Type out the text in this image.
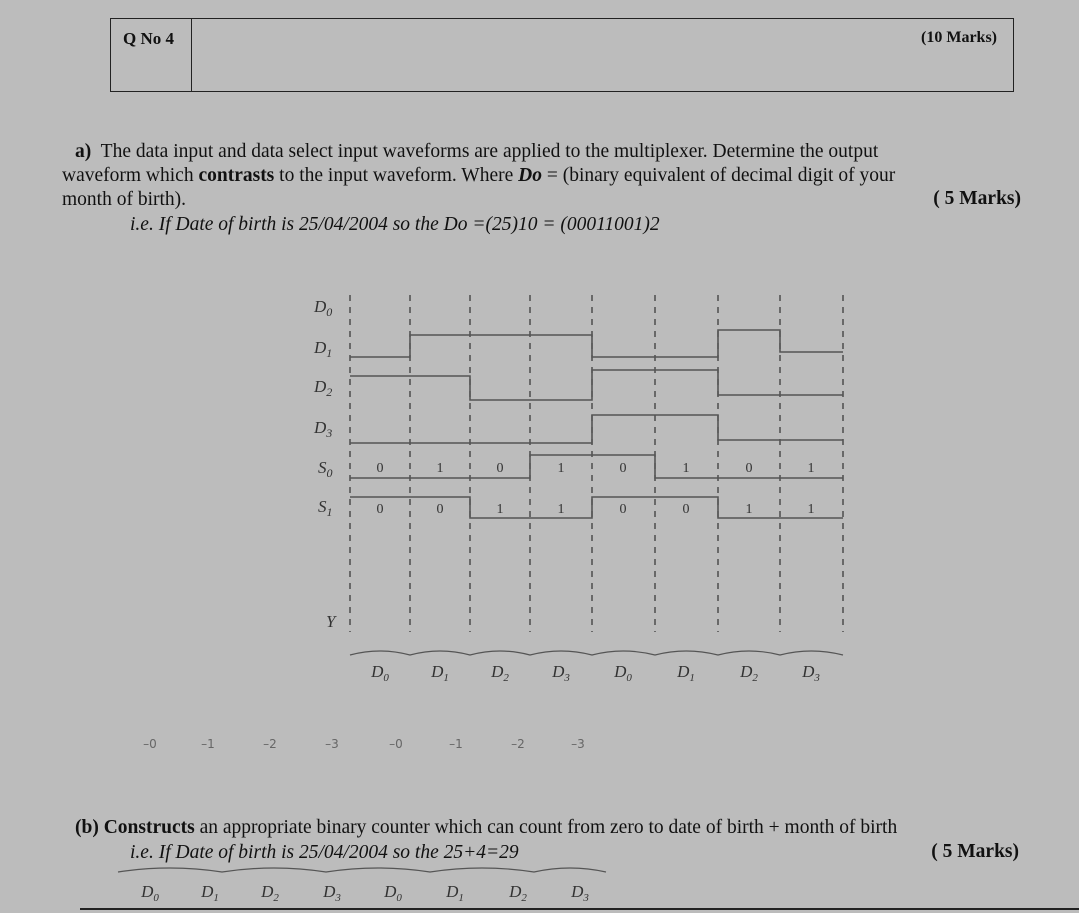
Q No 4	(10 Marks)
a) The data input and data select input waveforms are applied to the multiplexer. Determine the output
waveform which contrasts to the input waveform. Where Do = (binary equivalent of decimal digit of your
month of birth).	( 5 Marks)
i.e. If Date of birth is 25/04/2004 so the Do =(25)10 = (00011001)2
$D_0$
$D_1$
$D_2$
$D_3$
$S_0$
$S_1$
Y
0	1	0	1	0	1	0	1
0	0	1	1	0	0	1	1
$D_0$ $D_1$ $D_2$	$D_3$	$D_0$	$D_1$	$D_2$	$D_3$
–0	–1	–2	–3	–0	–1	–2	–3
$D_0$ $D_1$ $D_2$	$D_3$	$D_0$	$D_1$	$D_2$	$D_3$
(b) Constructs an appropriate binary counter which can count from zero to date of birth + month of birth
i.e. If Date of birth is 25/04/2004 so the 25+4=29	( 5 Marks)
